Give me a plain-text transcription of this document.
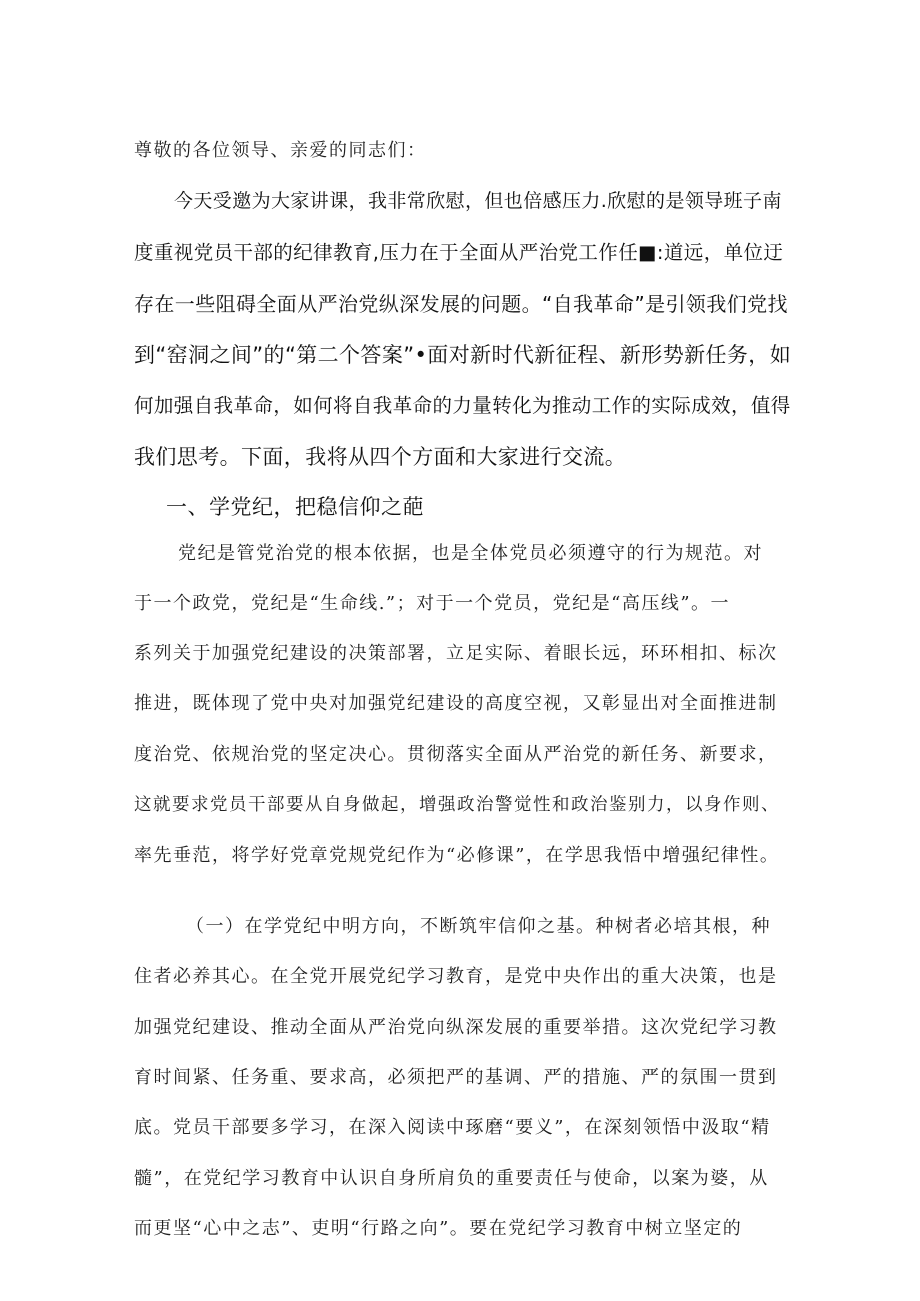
尊敬的各位领导、亲爱的同志们：

今天受邀为大家讲课，我非常欣慰，但也倍感压力.欣慰的是领导班子南

度重视党员干部的纪律教育,压力在于全面从严治党工作任■:道远，单位迂

存在一些阻碍全面从严治党纵深发展的问题。“自我革命”是引领我们党找

到“窑洞之间”的“第二个答案”•面对新时代新征程、新形势新任务，如

何加强自我革命，如何将自我革命的力量转化为推动工作的实际成效，值得

我们思考。下面，我将从四个方面和大家进行交流。

一、学党纪，把稳信仰之葩

党纪是管党治党的根本依据，也是全体党员必须遵守的行为规范。对

于一个政党，党纪是“生命线.”；对于一个党员，党纪是“高压线”。一

系列关于加强党纪建设的决策部署，立足实际、着眼长远，环环相扣、标次

推进，既体现了党中央对加强党纪建设的高度空视，又彰显出对全面推进制

度治党、依规治党的坚定决心。贯彻落实全面从严治党的新任务、新要求，

这就要求党员干部要从自身做起，增强政治警觉性和政治鉴别力，以身作则、

率先垂范，将学好党章党规党纪作为“必修课”，在学思我悟中增强纪律性。

（一）在学党纪中明方向，不断筑牢信仰之基。种树者必培其根，种

住者必养其心。在全党开展党纪学习教育，是党中央作出的重大决策，也是

加强党纪建设、推动全面从严治党向纵深发展的重要举措。这次党纪学习教

育时间紧、任务重、要求高，必须把严的基调、严的措施、严的氛围一贯到

底。党员干部要多学习，在深入阅读中琢磨“要义”，在深刻领悟中汲取“精

髓”，在党纪学习教育中认识自身所肩负的重要责任与使命，以案为婆，从

而更坚“心中之志”、吏明“行路之向”。要在党纪学习教育中树立坚定的
